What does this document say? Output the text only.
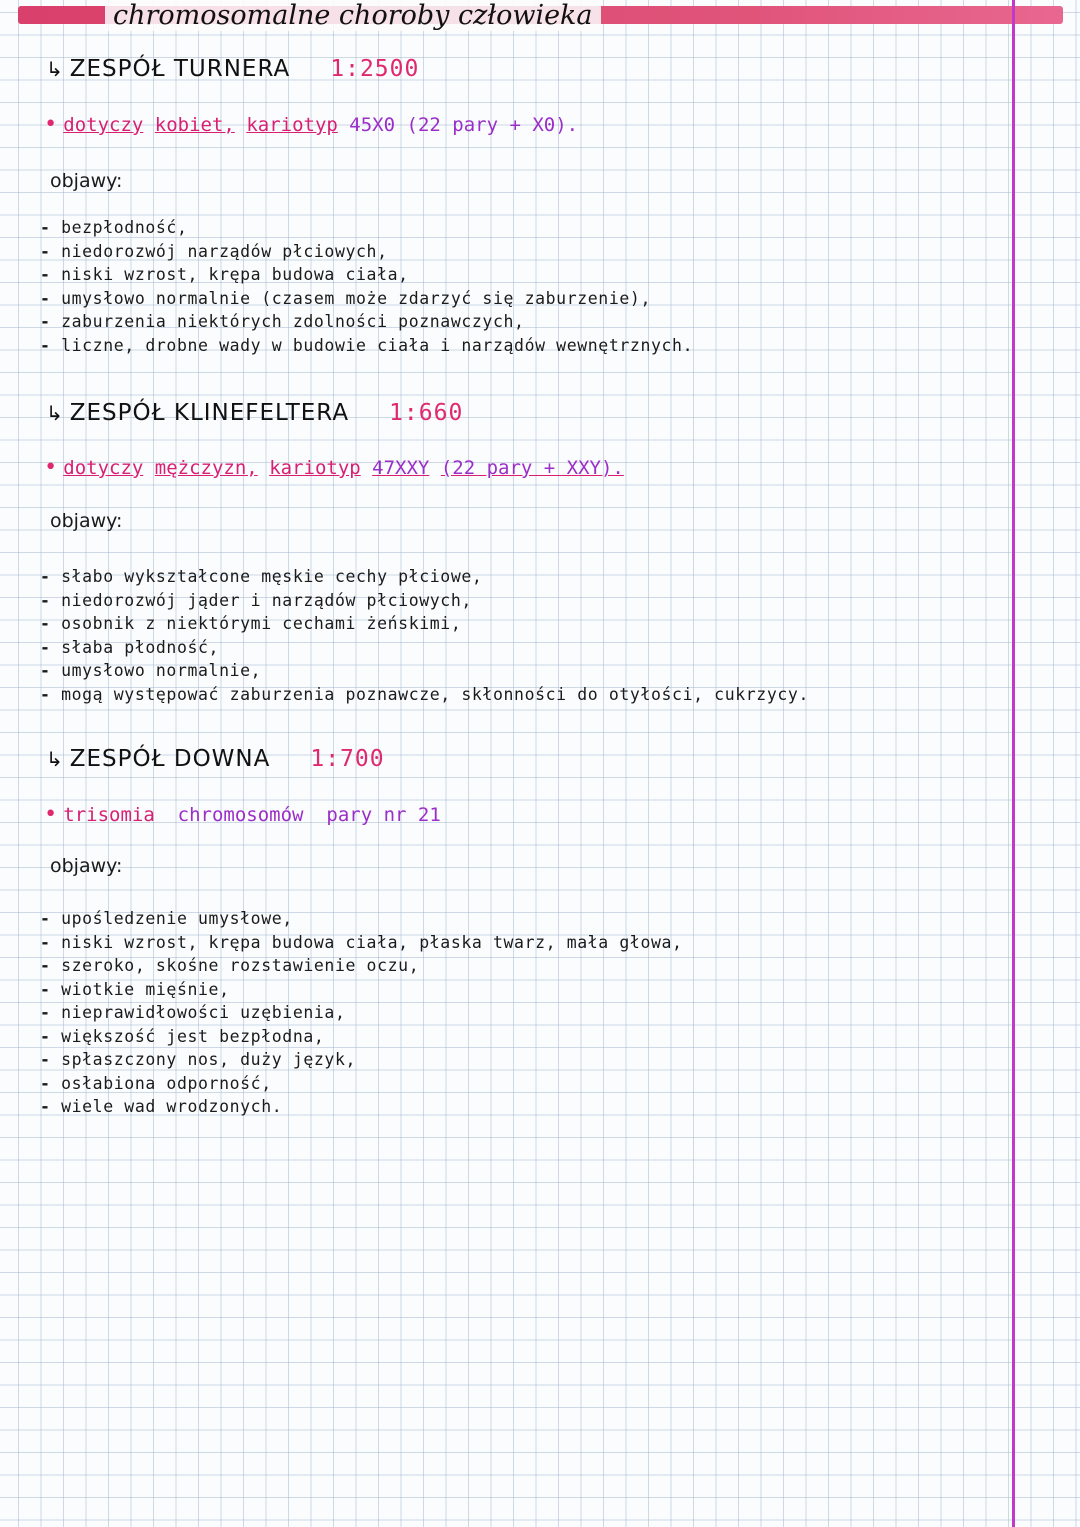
chromosomalne choroby człowieka
↳ ZESPÓŁ TURNERA 1:2500

• dotyczy kobiet, kariotyp 45X0 (22 pary + X0).

objawy:

- bezpłodność,
- niedorozwój narządów płciowych,
- niski wzrost, krępa budowa ciała,
- umysłowo normalnie (czasem może zdarzyć się zaburzenie),
- zaburzenia niektórych zdolności poznawczych,
- liczne, drobne wady w budowie ciała i narządów wewnętrznych.
↳ ZESPÓŁ KLINEFELTERA 1:660

• dotyczy mężczyzn, kariotyp 47XXY (22 pary + XXY).

objawy:

- słabo wykształcone męskie cechy płciowe,
- niedorozwój jąder i narządów płciowych,
- osobnik z niektórymi cechami żeńskimi,
- słaba płodność,
- umysłowo normalnie,
- mogą występować zaburzenia poznawcze, skłonności do otyłości, cukrzycy.
↳ ZESPÓŁ DOWNA 1:700

• trisomia chromosomów pary nr 21

objawy:

- upośledzenie umysłowe,
- niski wzrost, krępa budowa ciała, płaska twarz, mała głowa,
- szeroko, skośne rozstawienie oczu,
- wiotkie mięśnie,
- nieprawidłowości uzębienia,
- większość jest bezpłodna,
- spłaszczony nos, duży język,
- osłabiona odporność,
- wiele wad wrodzonych.
